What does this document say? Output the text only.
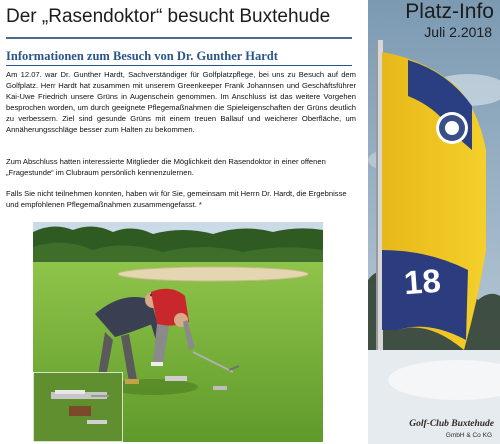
Der „Rasendoktor“ besucht Buxtehude
Informationen zum Besuch von Dr. Gunther Hardt

Am 12.07. war Dr. Gunther Hardt, Sachverständiger für Golfplatzpflege, bei uns zu Besuch auf dem Golfplatz. Herr Hardt hat zusammen mit unserem Greenkeeper Frank Johannsen und Geschäftsführer Kai-Uwe Friedrich unsere Grüns in Augenschein genommen. Im Anschluss ist das weitere Vorgehen besprochen worden, um durch geeignete Pflegemaßnahmen die Spieleigenschaften der Grüns deutlich zu verbessern. Ziel sind gesunde Grüns mit einem treuen Ballauf und weicherer Oberfläche, um Annäherungsschläge besser zum Halten zu bekommen.

Zum Abschluss hatten interessierte Mitglieder die Möglichkeit den Rasendoktor in einer offenen „Fragestunde“ im Clubraum persönlich kennenzulernen.

Falls Sie nicht teilnehmen konnten, haben wir für Sie, gemeinsam mit Herrn Dr. Hardt, die Ergebnisse und empfohlenen Pflegemaßnahmen zusammengefasst. *

Platz-Info
Juli 2.2018
Golf-Club Buxtehude
GmbH & Co KG
18
